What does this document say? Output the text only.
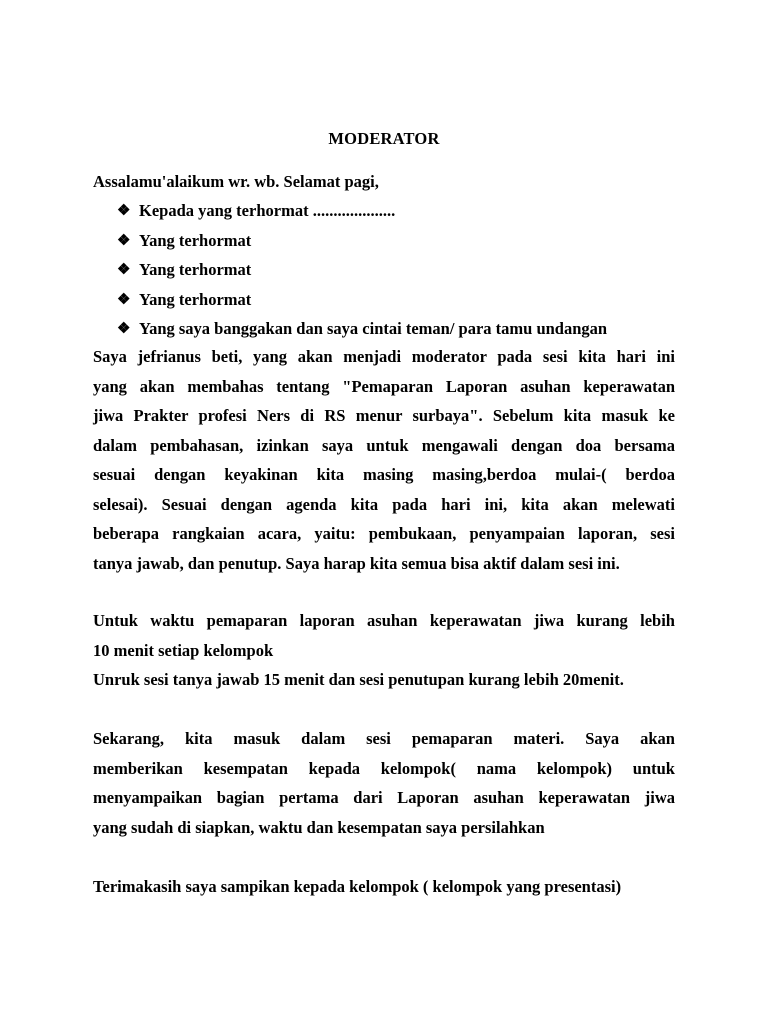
MODERATOR
Assalamu'alaikum wr. wb. Selamat pagi,
❖ Kepada yang terhormat ....................
❖ Yang terhormat
❖ Yang terhormat
❖ Yang terhormat
❖ Yang saya banggakan dan saya cintai teman/ para tamu undangan
Saya jefrianus beti, yang akan menjadi moderator pada sesi kita hari ini
yang akan membahas tentang "Pemaparan Laporan asuhan keperawatan
jiwa Prakter profesi Ners di RS menur surbaya". Sebelum kita masuk ke
dalam pembahasan, izinkan saya untuk mengawali dengan doa bersama
sesuai dengan keyakinan kita masing masing,berdoa mulai-( berdoa
selesai). Sesuai dengan agenda kita pada hari ini, kita akan melewati
beberapa rangkaian acara, yaitu: pembukaan, penyampaian laporan, sesi
tanya jawab, dan penutup. Saya harap kita semua bisa aktif dalam sesi ini.
Untuk waktu pemaparan laporan asuhan keperawatan jiwa kurang lebih
10 menit setiap kelompok
Unruk sesi tanya jawab 15 menit dan sesi penutupan kurang lebih 20menit.
Sekarang, kita masuk dalam sesi pemaparan materi. Saya akan
memberikan kesempatan kepada kelompok( nama kelompok) untuk
menyampaikan bagian pertama dari Laporan asuhan keperawatan jiwa
yang sudah di siapkan, waktu dan kesempatan saya persilahkan
Terimakasih saya sampikan kepada kelompok ( kelompok yang presentasi)
